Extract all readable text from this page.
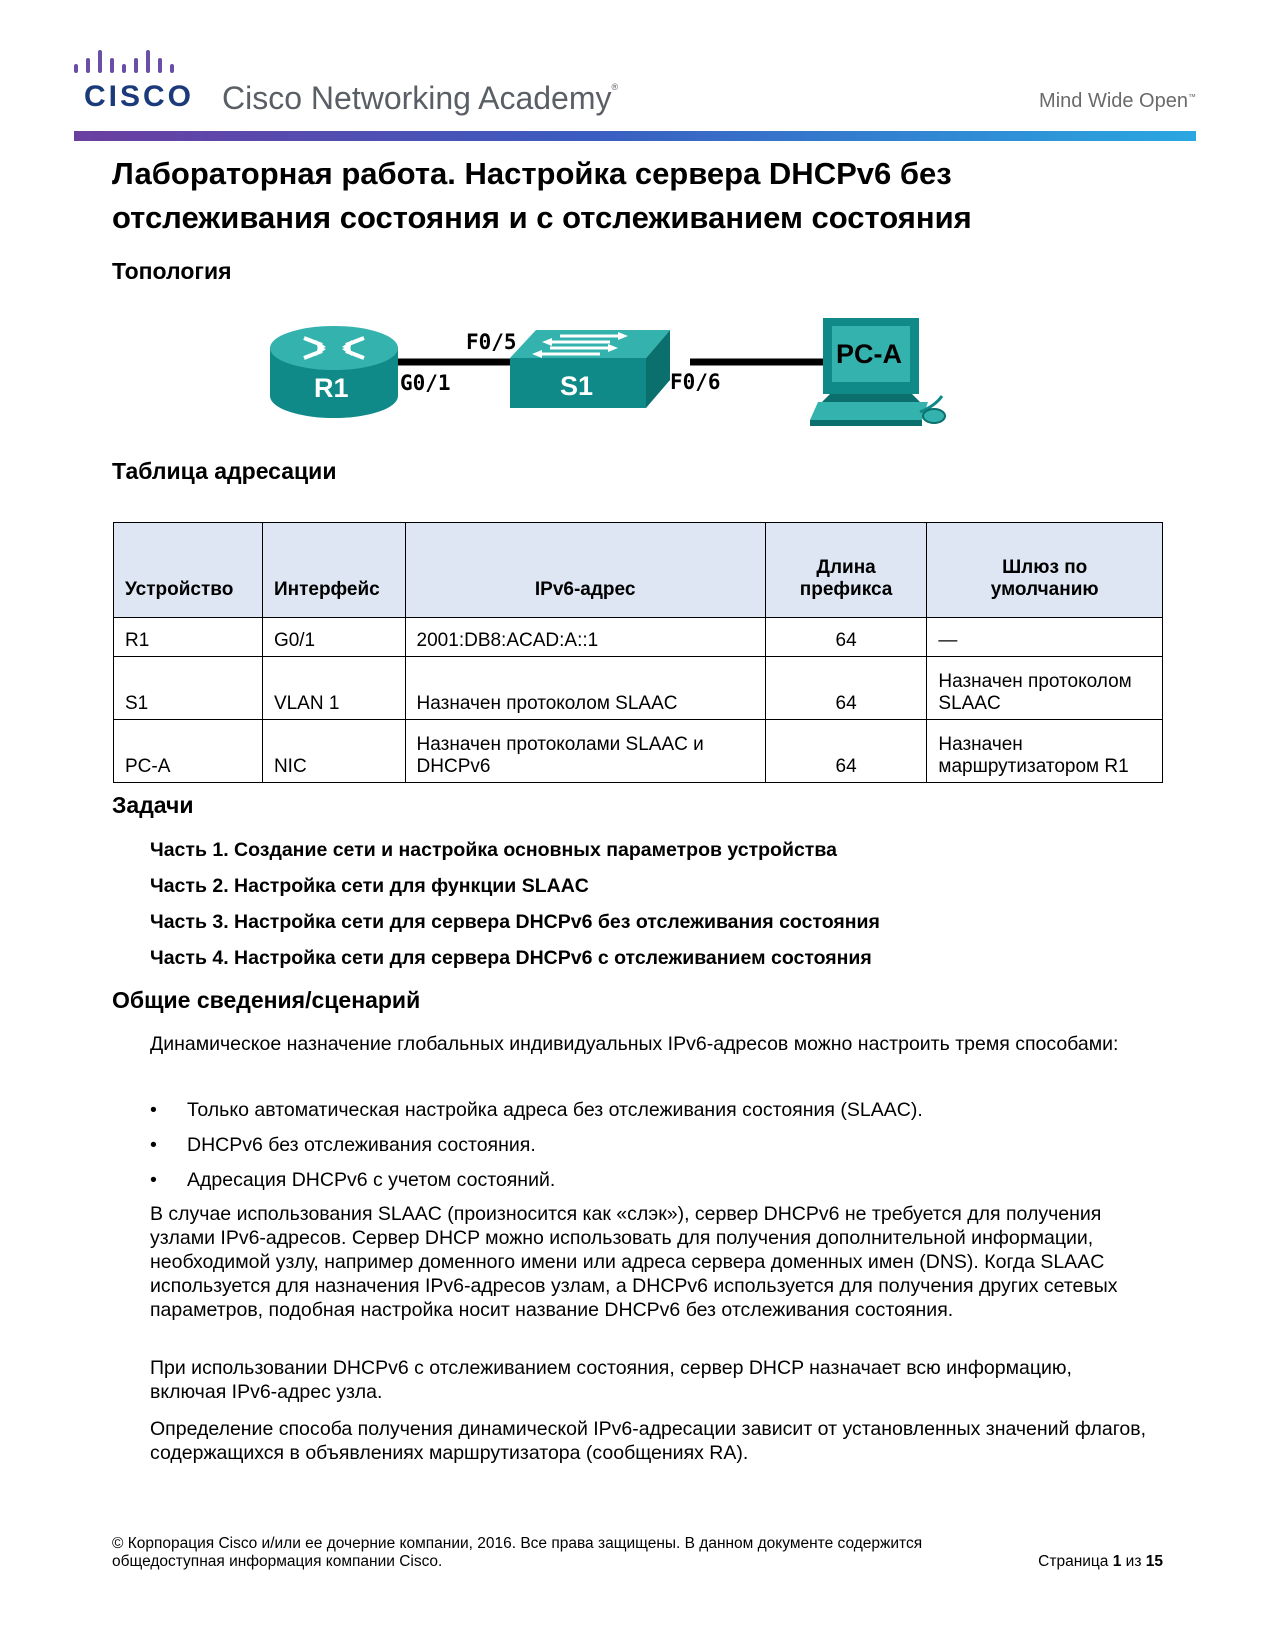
CISCO Cisco Networking Academy®
Mind Wide Open™
Лабораторная работа. Настройка сервера DHCPv6 без отслеживания состояния и с отслеживанием состояния
Топология
R1 G0/1	S1
F0/5
F0/6
PC-A
Таблица адресации
Устройство	Интерфейс	IPv6-адрес	Длина префикса	Шлюз по умолчанию
R1	G0/1	2001:DB8:ACAD:A::1	64	—
S1	VLAN 1	Назначен протоколом SLAAC	64	Назначен протоколом SLAAC
PC-A	NIC	Назначен протоколами SLAAC и DHCPv6	64	Назначен маршрутизатором R1
Задачи
Часть 1. Создание сети и настройка основных параметров устройства
Часть 2. Настройка сети для функции SLAAC
Часть 3. Настройка сети для сервера DHCPv6 без отслеживания состояния
Часть 4. Настройка сети для сервера DHCPv6 с отслеживанием состояния
Общие сведения/сценарий

Динамическое назначение глобальных индивидуальных IPv6-адресов можно настроить тремя способами:

• Только автоматическая настройка адреса без отслеживания состояния (SLAAC).
• DHCPv6 без отслеживания состояния.
• Адресация DHCPv6 с учетом состояний.

В случае использования SLAAC (произносится как «слэк»), сервер DHCPv6 не требуется для получения узлами IPv6-адресов. Сервер DHCP можно использовать для получения дополнительной информации, необходимой узлу, например доменного имени или адреса сервера доменных имен (DNS). Когда SLAAC используется для назначения IPv6-адресов узлам, а DHCPv6 используется для получения других сетевых параметров, подобная настройка носит название DHCPv6 без отслеживания состояния.

При использовании DHCPv6 с отслеживанием состояния, сервер DHCP назначает всю информацию, включая IPv6-адрес узла.

Определение способа получения динамической IPv6-адресации зависит от установленных значений флагов, содержащихся в объявлениях маршрутизатора (сообщениях RA).

© Корпорация Cisco и/или ее дочерние компании, 2016. Все права защищены. В данном документе содержится
общедоступная информация компании Cisco.	Страница 1 из 15
